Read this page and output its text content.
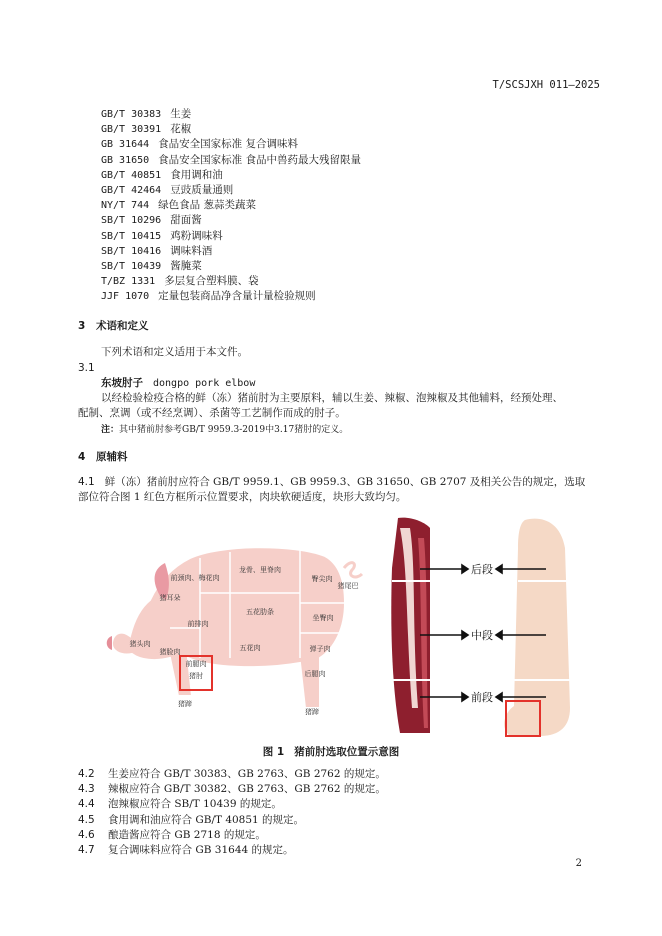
T/SCSJXH 011—2025
GB/T 30383 生姜
GB/T 30391 花椒
GB 31644 食品安全国家标准 复合调味料
GB 31650 食品安全国家标准 食品中兽药最大残留限量
GB/T 40851 食用调和油
GB/T 42464 豆豉质量通则
NY/T 744 绿色食品 葱蒜类蔬菜
SB/T 10296 甜面酱
SB/T 10415 鸡粉调味料
SB/T 10416 调味料酒
SB/T 10439 酱腌菜
T/BZ 1331 多层复合塑料膜、袋
JJF 1070 定量包装商品净含量计量检验规则
3 术语和定义
下列术语和定义适用于本文件。
3.1
东坡肘子 dongpo pork elbow
以经检验检疫合格的鲜（冻）猪前肘为主要原料，辅以生姜、辣椒、泡辣椒及其他辅料，经预处理、
配制、烹调（或不经烹调）、杀菌等工艺制作而成的肘子。
注：其中猪前肘参考GB/T 9959.3-2019中3.17猪肘的定义。
4 原辅料
4.1 鲜（冻）猪前肘应符合 GB/T 9959.1、GB 9959.3、GB 31650、GB 2707 及相关公告的规定，选取
部位符合图 1 红色方框所示位置要求，肉块软硬适度，块形大致均匀。
前颈肉、梅花肉
龙骨、里脊肉
臀尖肉
猪尾巴
猪耳朵
前排肉
五花肋条
五花肉
坐臀肉
猪头肉
猪脸肉
前腿肉
猪肘
弹子肉
后腿肉
猪蹄
猪蹄
后段
中段
前段
图 1 猪前肘选取位置示意图
4.2 生姜应符合 GB/T 30383、GB 2763、GB 2762 的规定。
4.3 辣椒应符合 GB/T 30382、GB 2763、GB 2762 的规定。
4.4 泡辣椒应符合 SB/T 10439 的规定。
4.5 食用调和油应符合 GB/T 40851 的规定。
4.6 酿造酱应符合 GB 2718 的规定。
4.7 复合调味料应符合 GB 31644 的规定。
2
